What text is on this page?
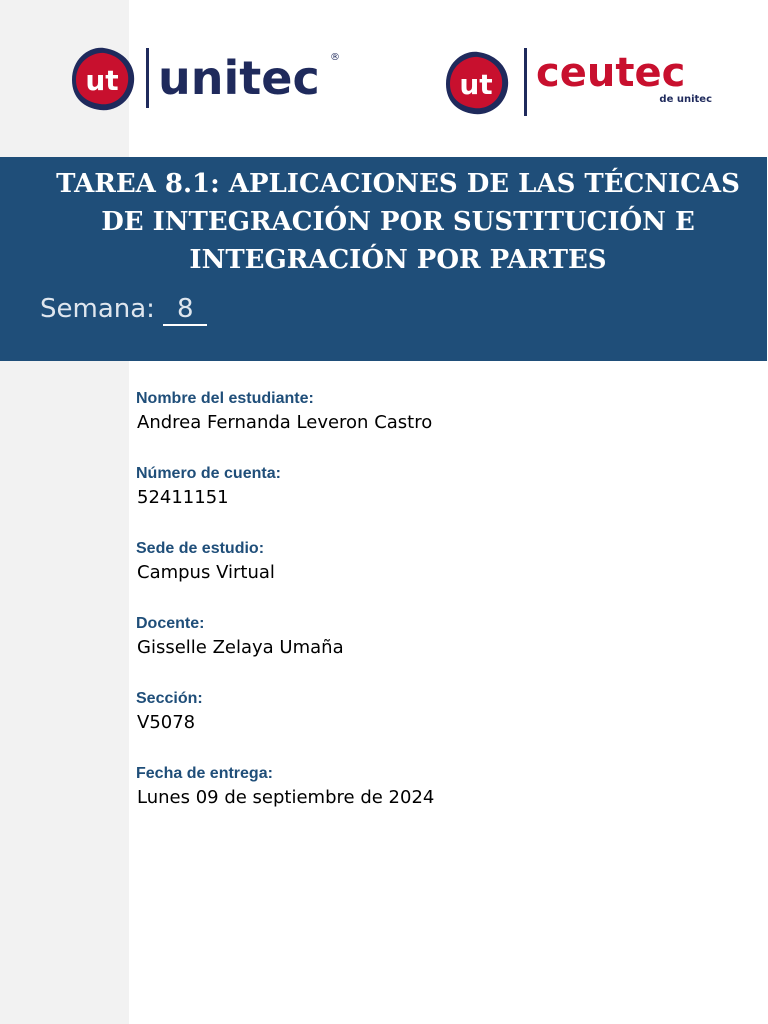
ut unitec ®
ut ceutec
de unitec
TAREA 8.1: APLICACIONES DE LAS TÉCNICAS DE INTEGRACIÓN POR SUSTITUCIÓN E INTEGRACIÓN POR PARTES
Semana: 8
Nombre del estudiante:
Andrea Fernanda Leveron Castro
Número de cuenta:
52411151
Sede de estudio:
Campus Virtual
Docente:
Gisselle Zelaya Umaña
Sección:
V5078
Fecha de entrega:
Lunes 09 de septiembre de 2024
